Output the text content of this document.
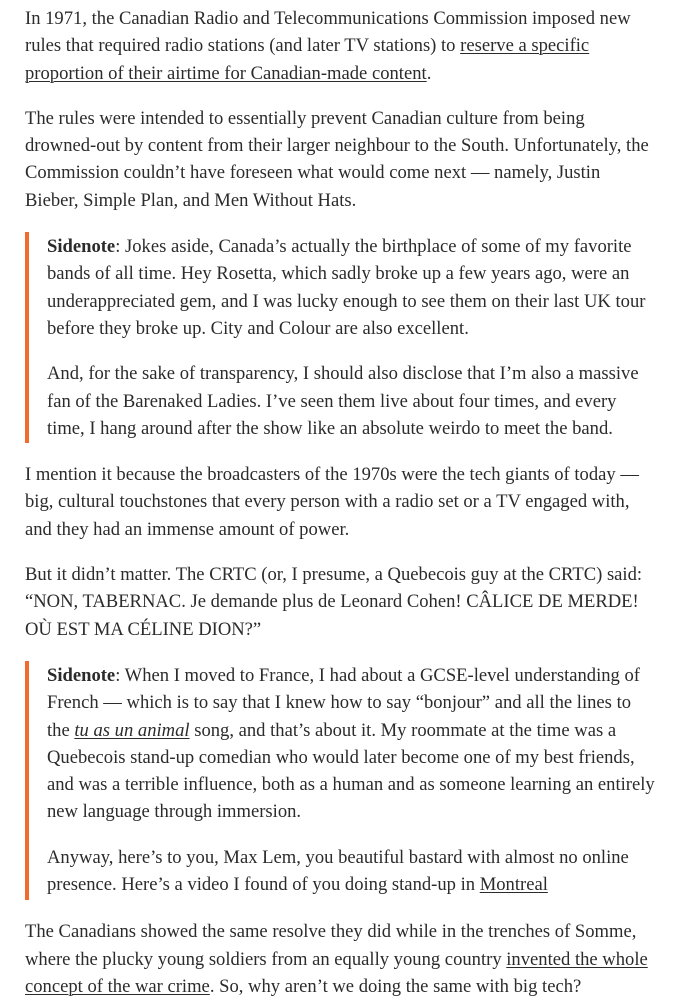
In 1971, the Canadian Radio and Telecommunications Commission imposed new rules that required radio stations (and later TV stations) to reserve a specific proportion of their airtime for Canadian-made content.

The rules were intended to essentially prevent Canadian culture from being drowned-out by content from their larger neighbour to the South. Unfortunately, the Commission couldn’t have foreseen what would come next — namely, Justin Bieber, Simple Plan, and Men Without Hats.

Sidenote: Jokes aside, Canada’s actually the birthplace of some of my favorite bands of all time. Hey Rosetta, which sadly broke up a few years ago, were an underappreciated gem, and I was lucky enough to see them on their last UK tour before they broke up. City and Colour are also excellent.

And, for the sake of transparency, I should also disclose that I’m also a massive fan of the Barenaked Ladies. I’ve seen them live about four times, and every time, I hang around after the show like an absolute weirdo to meet the band.

I mention it because the broadcasters of the 1970s were the tech giants of today — big, cultural touchstones that every person with a radio set or a TV engaged with, and they had an immense amount of power.

But it didn’t matter. The CRTC (or, I presume, a Quebecois guy at the CRTC) said: “NON, TABERNAC. Je demande plus de Leonard Cohen! CÂLICE DE MERDE! OÙ EST MA CÉLINE DION?”

Sidenote: When I moved to France, I had about a GCSE-level understanding of French — which is to say that I knew how to say “bonjour” and all the lines to the tu as un animal song, and that’s about it. My roommate at the time was a Quebecois stand-up comedian who would later become one of my best friends, and was a terrible influence, both as a human and as someone learning an entirely new language through immersion.

Anyway, here’s to you, Max Lem, you beautiful bastard with almost no online presence. Here’s a video I found of you doing stand-up in Montreal

The Canadians showed the same resolve they did while in the trenches of Somme, where the plucky young soldiers from an equally young country invented the whole concept of the war crime. So, why aren’t we doing the same with big tech?
